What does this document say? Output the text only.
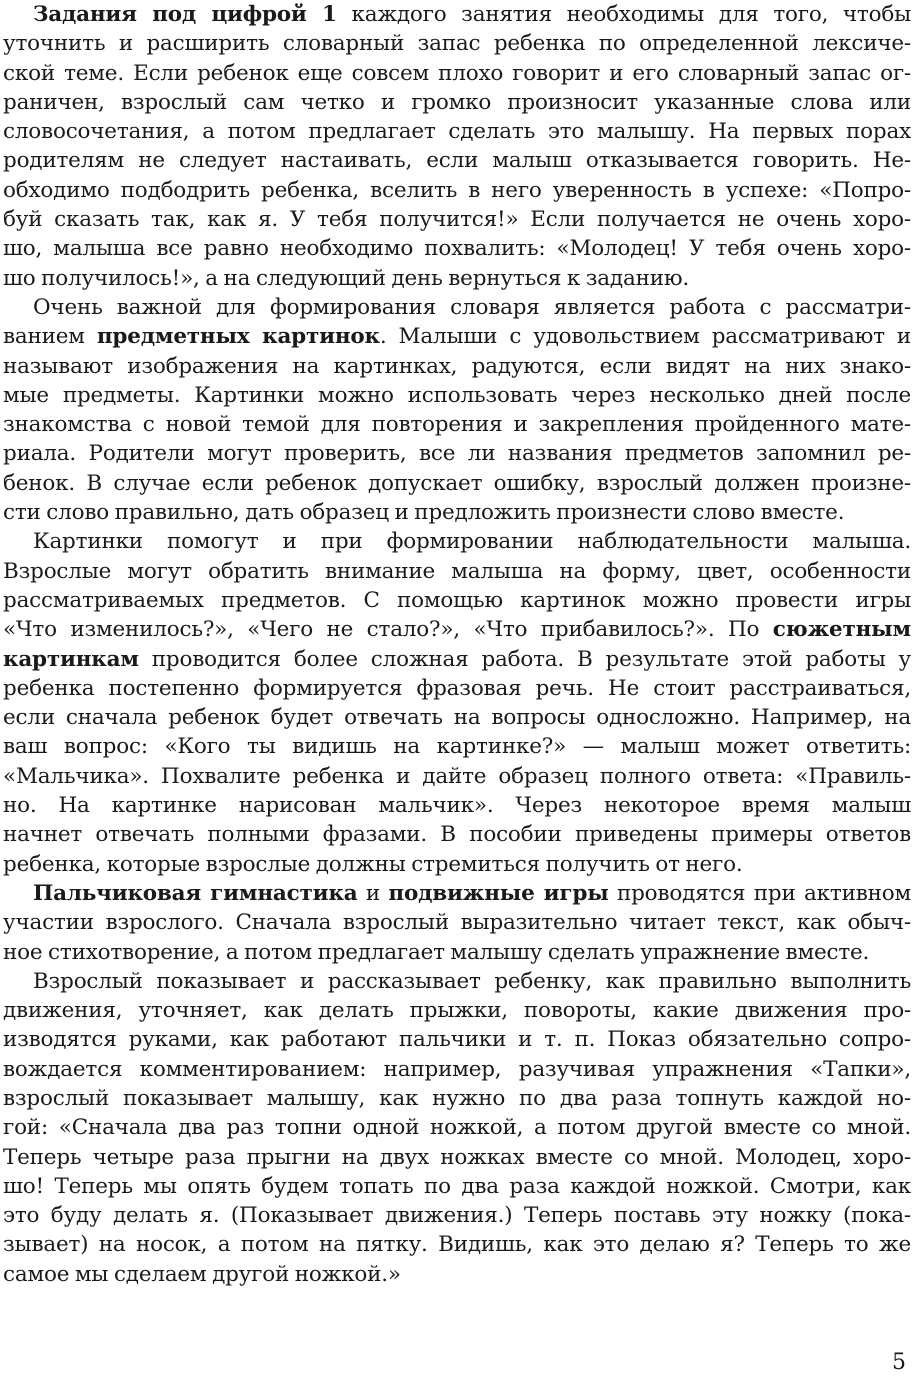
Задания под цифрой 1 каждого занятия необходимы для того, чтобы
уточнить и расширить словарный запас ребенка по определенной лексиче-
ской теме. Если ребенок еще совсем плохо говорит и его словарный запас ог-
раничен, взрослый сам четко и громко произносит указанные слова или
словосочетания, а потом предлагает сделать это малышу. На первых порах
родителям не следует настаивать, если малыш отказывается говорить. Не-
обходимо подбодрить ребенка, вселить в него уверенность в успехе: «Попро-
буй сказать так, как я. У тебя получится!» Если получается не очень хоро-
шо, малыша все равно необходимо похвалить: «Молодец! У тебя очень хоро-
шо получилось!», а на следующий день вернуться к заданию.
Очень важной для формирования словаря является работа с рассматри-
ванием предметных картинок. Малыши с удовольствием рассматривают и
называют изображения на картинках, радуются, если видят на них знако-
мые предметы. Картинки можно использовать через несколько дней после
знакомства с новой темой для повторения и закрепления пройденного мате-
риала. Родители могут проверить, все ли названия предметов запомнил ре-
бенок. В случае если ребенок допускает ошибку, взрослый должен произне-
сти слово правильно, дать образец и предложить произнести слово вместе.
Картинки помогут и при формировании наблюдательности малыша.
Взрослые могут обратить внимание малыша на форму, цвет, особенности
рассматриваемых предметов. С помощью картинок можно провести игры
«Что изменилось?», «Чего не стало?», «Что прибавилось?». По сюжетным
картинкам проводится более сложная работа. В результате этой работы у
ребенка постепенно формируется фразовая речь. Не стоит расстраиваться,
если сначала ребенок будет отвечать на вопросы односложно. Например, на
ваш вопрос: «Кого ты видишь на картинке?» — малыш может ответить:
«Мальчика». Похвалите ребенка и дайте образец полного ответа: «Правиль-
но. На картинке нарисован мальчик». Через некоторое время малыш
начнет отвечать полными фразами. В пособии приведены примеры ответов
ребенка, которые взрослые должны стремиться получить от него.
Пальчиковая гимнастика и подвижные игры проводятся при активном
участии взрослого. Сначала взрослый выразительно читает текст, как обыч-
ное стихотворение, а потом предлагает малышу сделать упражнение вместе.
Взрослый показывает и рассказывает ребенку, как правильно выполнить
движения, уточняет, как делать прыжки, повороты, какие движения про-
изводятся руками, как работают пальчики и т. п. Показ обязательно сопро-
вождается комментированием: например, разучивая упражнения «Тапки»,
взрослый показывает малышу, как нужно по два раза топнуть каждой но-
гой: «Сначала два раз топни одной ножкой, а потом другой вместе со мной.
Теперь четыре раза прыгни на двух ножках вместе со мной. Молодец, хоро-
шо! Теперь мы опять будем топать по два раза каждой ножкой. Смотри, как
это буду делать я. (Показывает движения.) Теперь поставь эту ножку (пока-
зывает) на носок, а потом на пятку. Видишь, как это делаю я? Теперь то же
самое мы сделаем другой ножкой.»
5
